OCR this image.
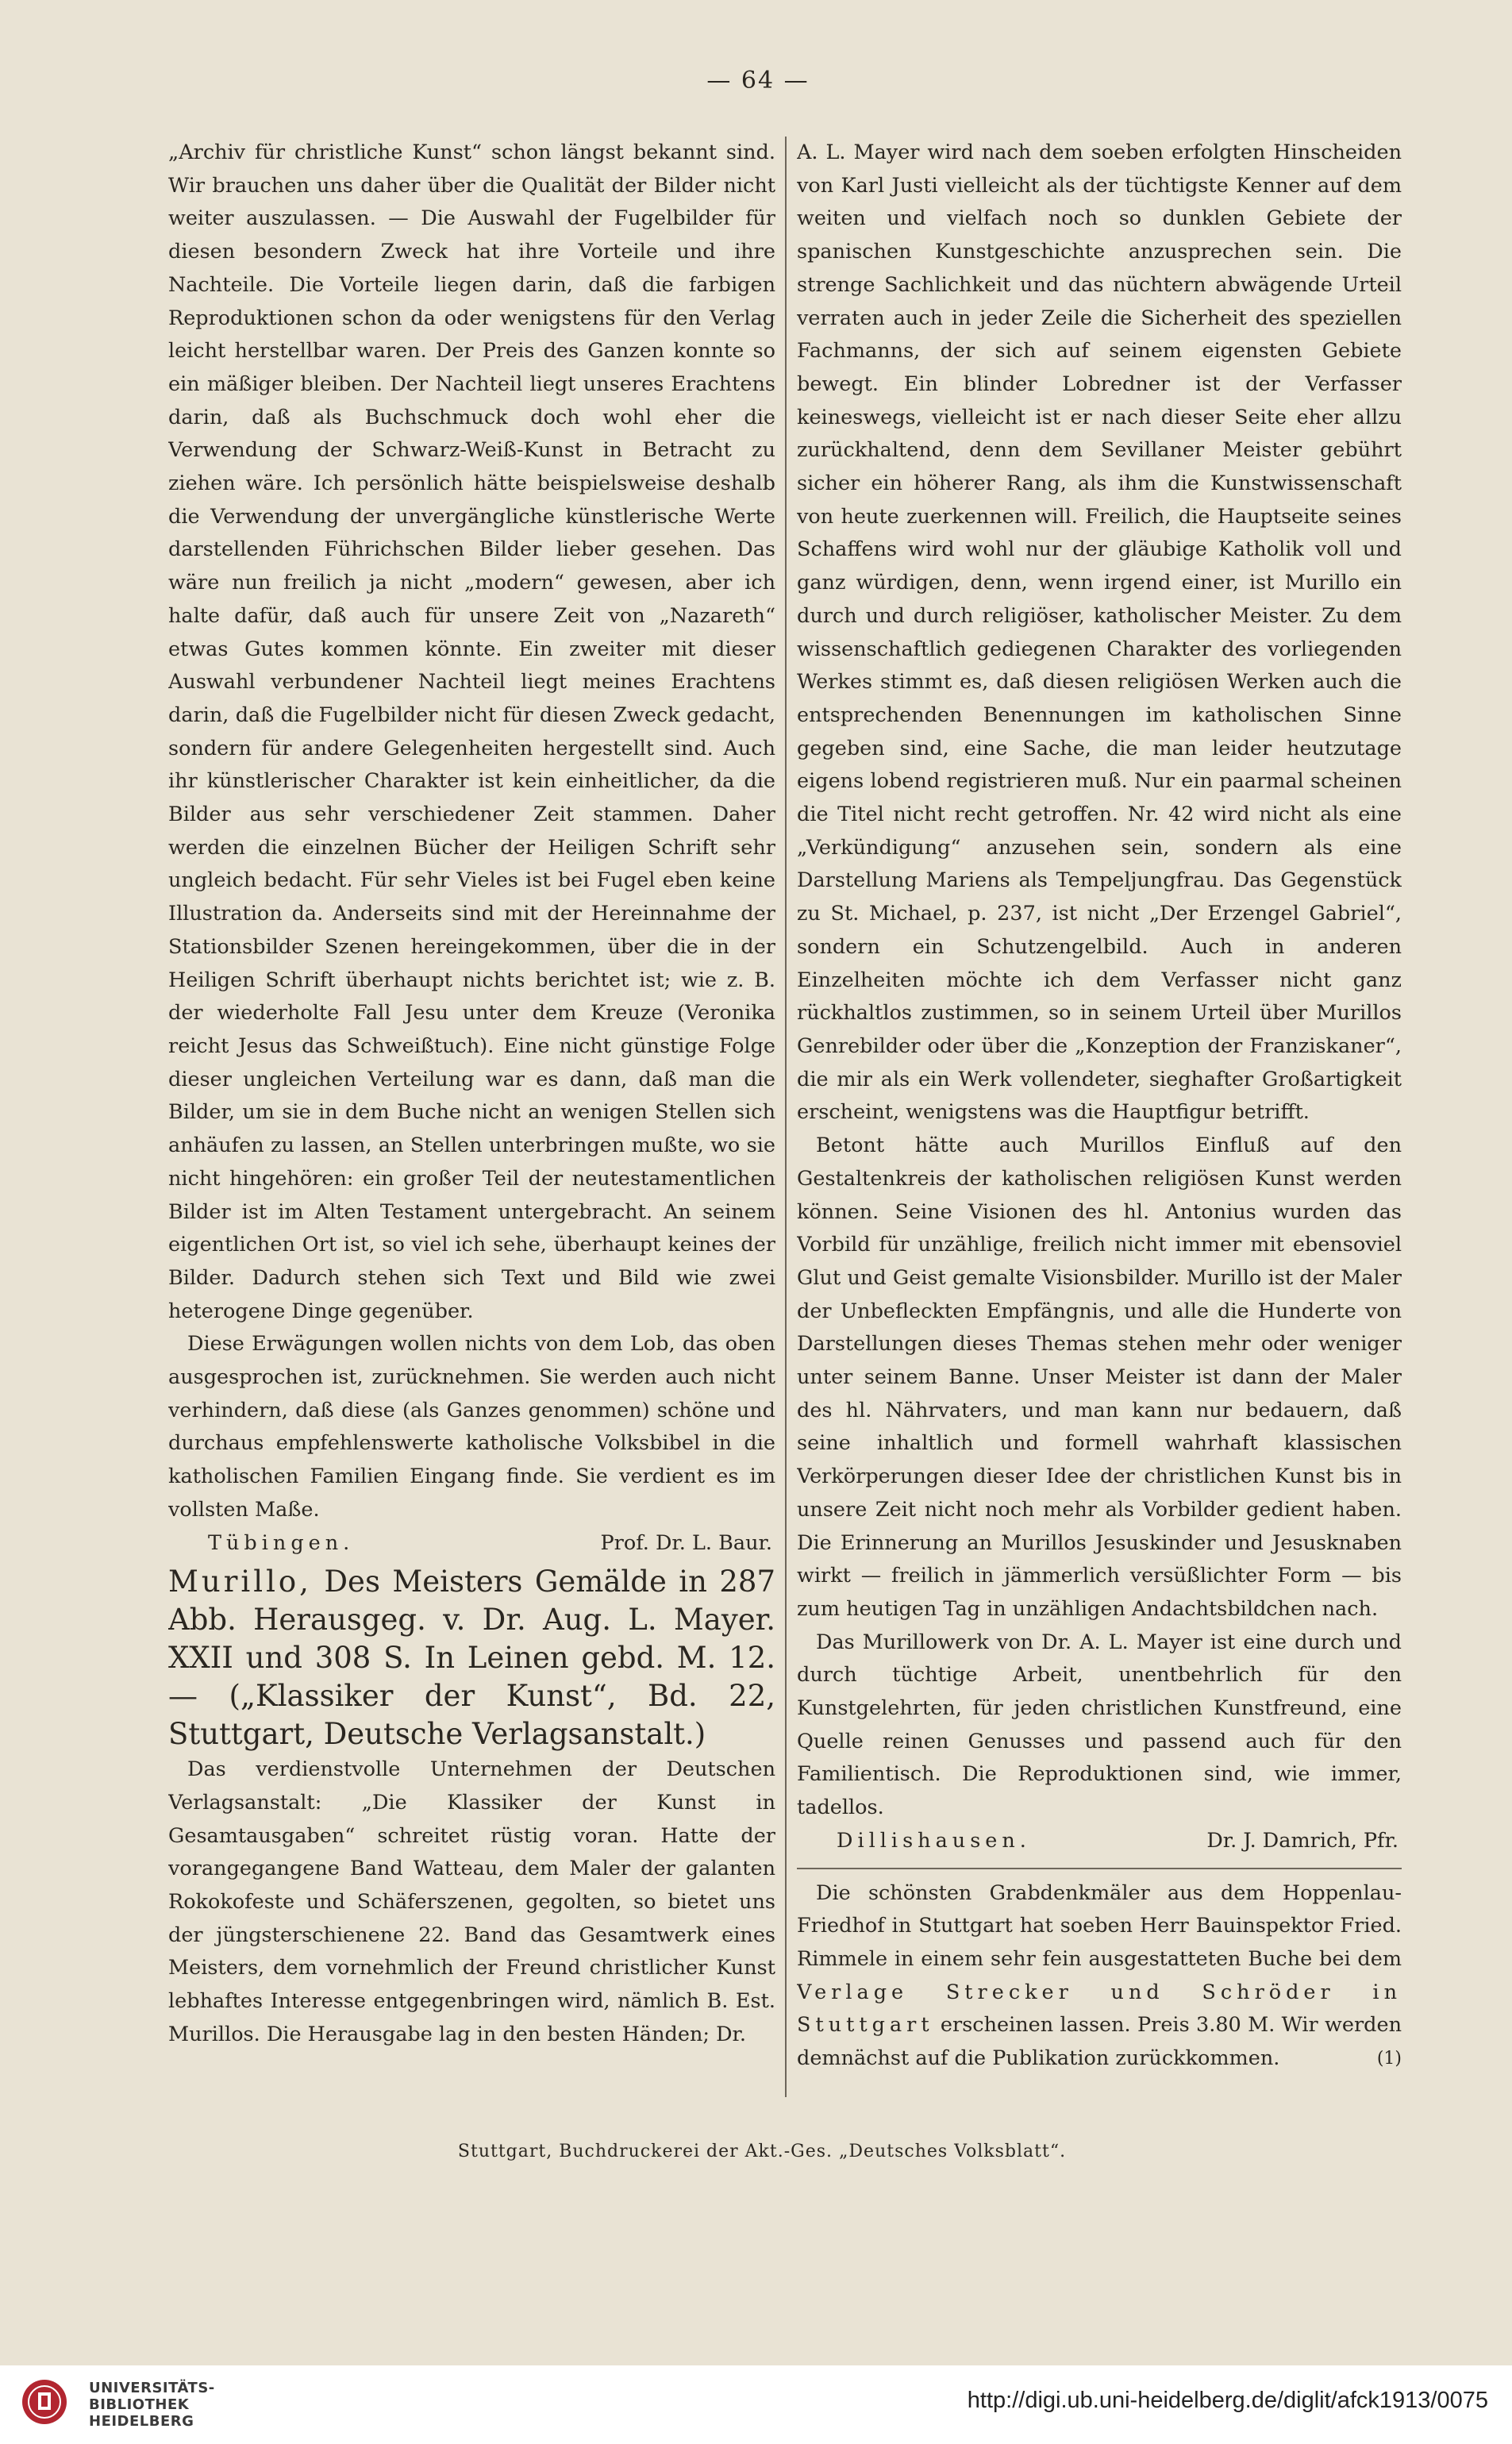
— 64 —

„Archiv für christliche Kunst“ schon längst bekannt sind. Wir brauchen uns daher über die Qualität der Bilder nicht weiter auszulassen. — Die Auswahl der Fugelbilder für diesen besondern Zweck hat ihre Vorteile und ihre Nachteile. Die Vorteile liegen darin, daß die farbigen Reproduktionen schon da oder wenigstens für den Verlag leicht herstellbar waren. Der Preis des Ganzen konnte so ein mäßiger bleiben. Der Nachteil liegt unseres Erachtens darin, daß als Buchschmuck doch wohl eher die Verwendung der Schwarz-Weiß-Kunst in Betracht zu ziehen wäre. Ich persönlich hätte beispielsweise deshalb die Verwendung der unvergängliche künstlerische Werte darstellenden Führichschen Bilder lieber gesehen. Das wäre nun freilich ja nicht „modern“ gewesen, aber ich halte dafür, daß auch für unsere Zeit von „Nazareth“ etwas Gutes kommen könnte. Ein zweiter mit dieser Auswahl verbundener Nachteil liegt meines Erachtens darin, daß die Fugelbilder nicht für diesen Zweck gedacht, sondern für andere Gelegenheiten hergestellt sind. Auch ihr künstlerischer Charakter ist kein einheitlicher, da die Bilder aus sehr verschiedener Zeit stammen. Daher werden die einzelnen Bücher der Heiligen Schrift sehr ungleich bedacht. Für sehr Vieles ist bei Fugel eben keine Illustration da. Anderseits sind mit der Hereinnahme der Stationsbilder Szenen hereingekommen, über die in der Heiligen Schrift überhaupt nichts berichtet ist; wie z. B. der wiederholte Fall Jesu unter dem Kreuze (Veronika reicht Jesus das Schweißtuch). Eine nicht günstige Folge dieser ungleichen Verteilung war es dann, daß man die Bilder, um sie in dem Buche nicht an wenigen Stellen sich anhäufen zu lassen, an Stellen unterbringen mußte, wo sie nicht hingehören: ein großer Teil der neutestamentlichen Bilder ist im Alten Testament untergebracht. An seinem eigentlichen Ort ist, so viel ich sehe, überhaupt keines der Bilder. Dadurch stehen sich Text und Bild wie zwei heterogene Dinge gegenüber.

Diese Erwägungen wollen nichts von dem Lob, das oben ausgesprochen ist, zurücknehmen. Sie werden auch nicht verhindern, daß diese (als Ganzes genommen) schöne und durchaus empfehlenswerte katholische Volksbibel in die katholischen Familien Eingang finde. Sie verdient es im vollsten Maße.

Tübingen.	Prof. Dr. L. Baur.
Murillo, Des Meisters Gemälde in 287 Abb. Herausgeg. v. Dr. Aug. L. Mayer. XXII und 308 S. In Leinen gebd. M. 12.— („Klassiker der Kunst“, Bd. 22, Stuttgart, Deutsche Verlagsanstalt.)

Das verdienstvolle Unternehmen der Deutschen Verlagsanstalt: „Die Klassiker der Kunst in Gesamtausgaben“ schreitet rüstig voran. Hatte der vorangegangene Band Watteau, dem Maler der galanten Rokokofeste und Schäferszenen, gegolten, so bietet uns der jüngsterschienene 22. Band das Gesamtwerk eines Meisters, dem vornehmlich der Freund christlicher Kunst lebhaftes Interesse entgegenbringen wird, nämlich B. Est. Murillos. Die Herausgabe lag in den besten Händen; Dr.

A. L. Mayer wird nach dem soeben erfolgten Hinscheiden von Karl Justi vielleicht als der tüchtigste Kenner auf dem weiten und vielfach noch so dunklen Gebiete der spanischen Kunstgeschichte anzusprechen sein. Die strenge Sachlichkeit und das nüchtern abwägende Urteil verraten auch in jeder Zeile die Sicherheit des speziellen Fachmanns, der sich auf seinem eigensten Gebiete bewegt. Ein blinder Lobredner ist der Verfasser keineswegs, vielleicht ist er nach dieser Seite eher allzu zurückhaltend, denn dem Sevillaner Meister gebührt sicher ein höherer Rang, als ihm die Kunstwissenschaft von heute zuerkennen will. Freilich, die Hauptseite seines Schaffens wird wohl nur der gläubige Katholik voll und ganz würdigen, denn, wenn irgend einer, ist Murillo ein durch und durch religiöser, katholischer Meister. Zu dem wissenschaftlich gediegenen Charakter des vorliegenden Werkes stimmt es, daß diesen religiösen Werken auch die entsprechenden Benennungen im katholischen Sinne gegeben sind, eine Sache, die man leider heutzutage eigens lobend registrieren muß. Nur ein paarmal scheinen die Titel nicht recht getroffen. Nr. 42 wird nicht als eine „Verkündigung“ anzusehen sein, sondern als eine Darstellung Mariens als Tempeljungfrau. Das Gegenstück zu St. Michael, p. 237, ist nicht „Der Erzengel Gabriel“, sondern ein Schutzengelbild. Auch in anderen Einzelheiten möchte ich dem Verfasser nicht ganz rückhaltlos zustimmen, so in seinem Urteil über Murillos Genrebilder oder über die „Konzeption der Franziskaner“, die mir als ein Werk vollendeter, sieghafter Großartigkeit erscheint, wenigstens was die Hauptfigur betrifft.

Betont hätte auch Murillos Einfluß auf den Gestaltenkreis der katholischen religiösen Kunst werden können. Seine Visionen des hl. Antonius wurden das Vorbild für unzählige, freilich nicht immer mit ebensoviel Glut und Geist gemalte Visionsbilder. Murillo ist der Maler der Unbefleckten Empfängnis, und alle die Hunderte von Darstellungen dieses Themas stehen mehr oder weniger unter seinem Banne. Unser Meister ist dann der Maler des hl. Nährvaters, und man kann nur bedauern, daß seine inhaltlich und formell wahrhaft klassischen Verkörperungen dieser Idee der christlichen Kunst bis in unsere Zeit nicht noch mehr als Vorbilder gedient haben. Die Erinnerung an Murillos Jesuskinder und Jesusknaben wirkt — freilich in jämmerlich versüßlichter Form — bis zum heutigen Tag in unzähligen Andachtsbildchen nach.

Das Murillowerk von Dr. A. L. Mayer ist eine durch und durch tüchtige Arbeit, unentbehrlich für den Kunstgelehrten, für jeden christlichen Kunstfreund, eine Quelle reinen Genusses und passend auch für den Familientisch. Die Reproduktionen sind, wie immer, tadellos.

Dillishausen.	Dr. J. Damrich, Pfr.

Die schönsten Grabdenkmäler aus dem Hoppenlau-Friedhof in Stuttgart hat soeben Herr Bauinspektor Fried. Rimmele in einem sehr fein ausgestatteten Buche bei dem Verlage Strecker und Schröder in Stuttgart erscheinen lassen. Preis 3.80 M. Wir werden demnächst auf die Publikation zurückkommen.	(1)

Stuttgart, Buchdruckerei der Akt.-Ges. „Deutsches Volksblatt“.
UNIVERSITÄTS-
BIBLIOTHEK
HEIDELBERG
http://digi.ub.uni-heidelberg.de/diglit/afck1913/0075
